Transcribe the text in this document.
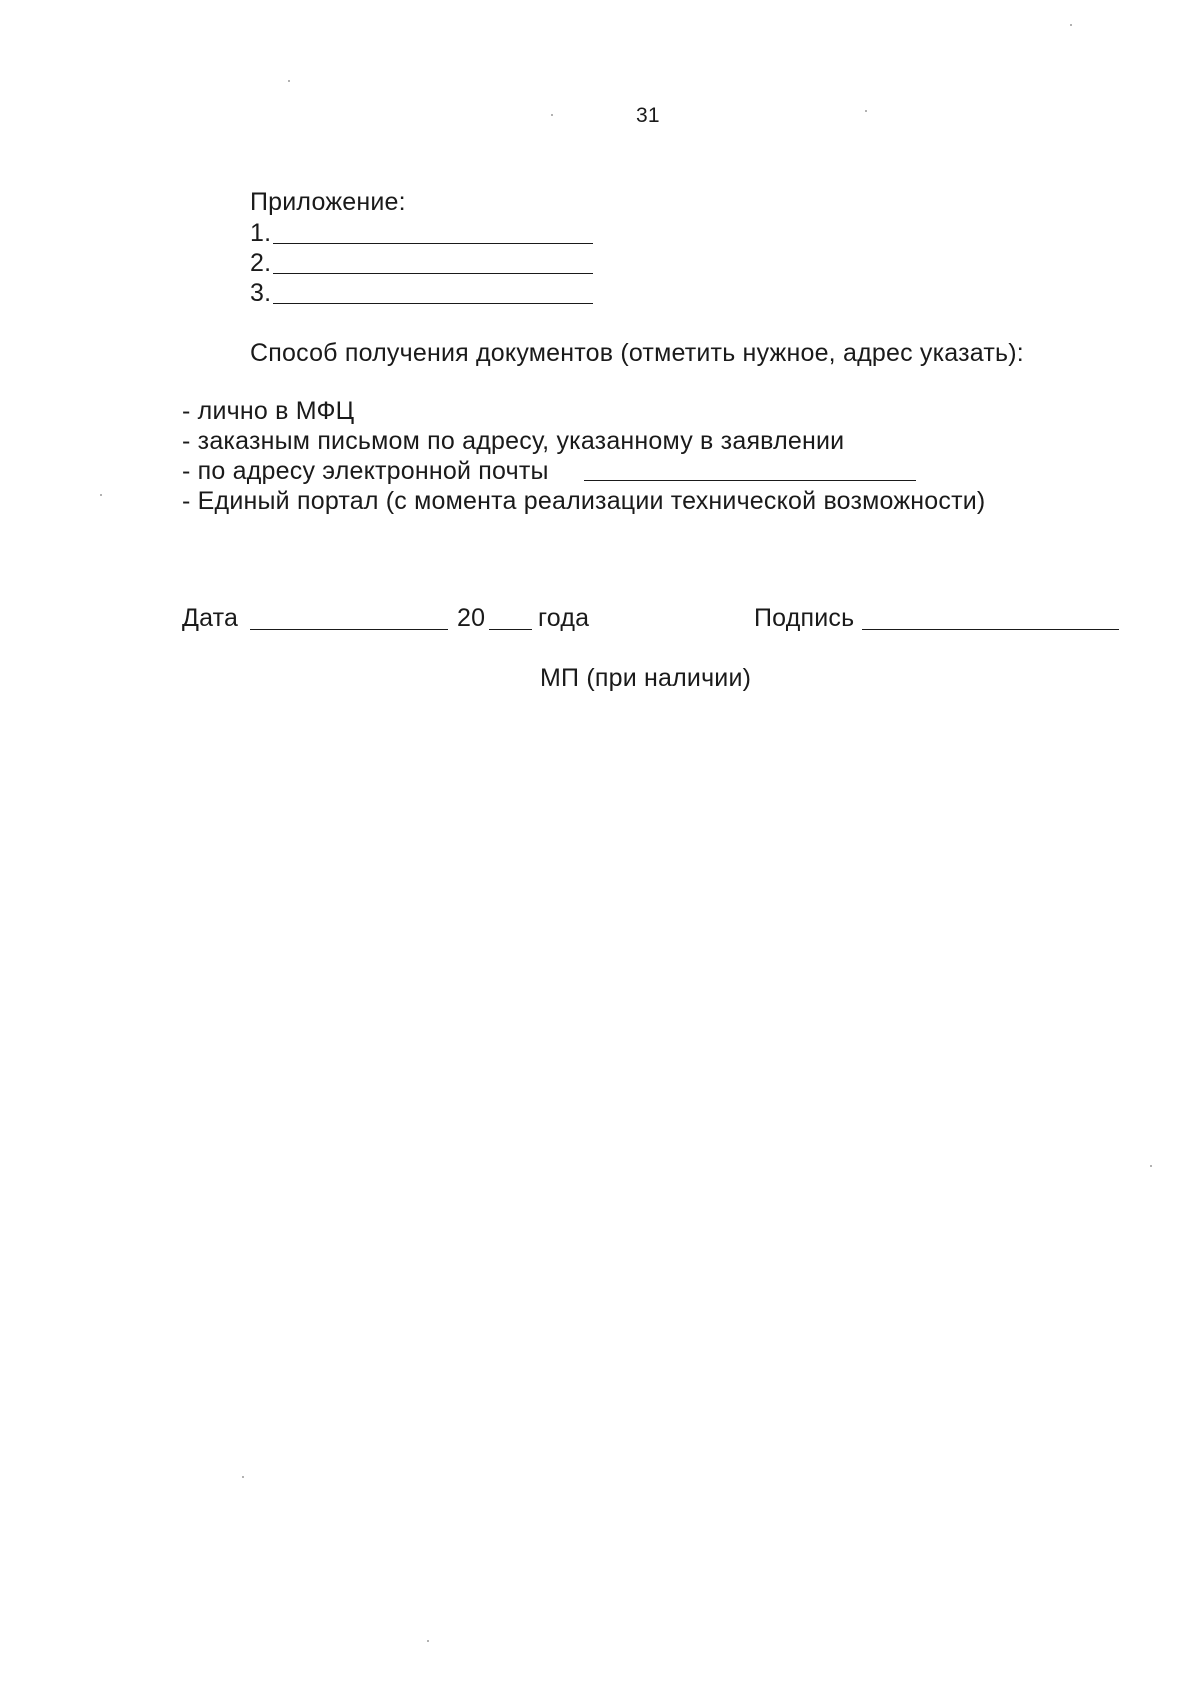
31
Приложение:
1.
2.
3.
Способ получения документов (отметить нужное, адрес указать):
- лично в МФЦ
- заказным письмом по адресу, указанному в заявлении
- по адресу электронной почты
- Единый портал (с момента реализации технической возможности)
Дата	20 года	Подпись
МП (при наличии)
